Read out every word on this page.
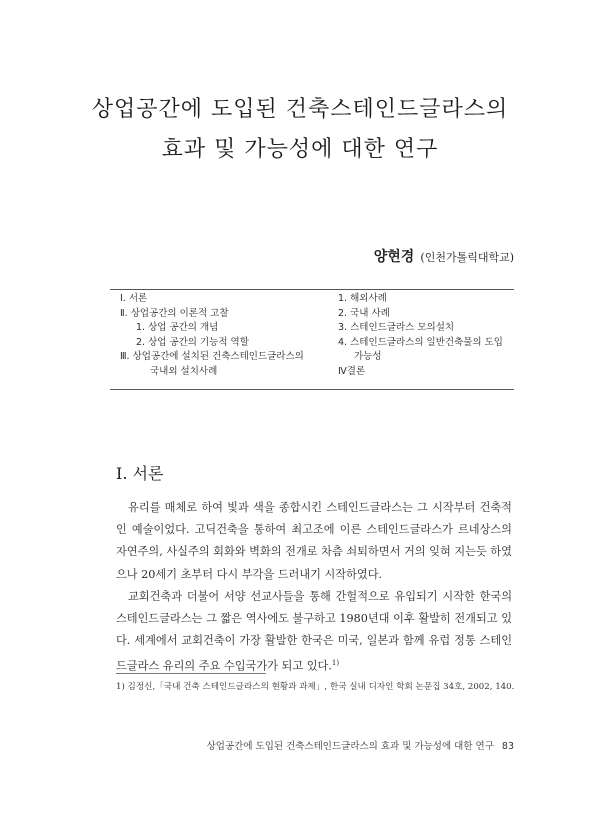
상업공간에 도입된 건축스테인드글라스의
효과 및 가능성에 대한 연구
양현경 (인천가톨릭대학교)
Ⅰ. 서론
Ⅱ. 상업공간의 이론적 고찰
1. 상업 공간의 개념
2. 상업 공간의 기능적 역할
Ⅲ. 상업공간에 설치된 건축스테인드글라스의
국내외 설치사례
1. 해외사례
2. 국내 사례
3. 스테인드글라스 모의설치
4. 스테인드글라스의 일반건축물의 도입
가능성
Ⅳ결론
Ⅰ. 서론

유리를 매체로 하여 빛과 색을 종합시킨 스테인드글라스는 그 시작부터 건축적인 예술이었다. 고딕건축을 통하여 최고조에 이른 스테인드글라스가 르네상스의 자연주의, 사실주의 회화와 벽화의 전개로 차츰 쇠퇴하면서 거의 잊혀 지는듯 하였으나 20세기 초부터 다시 부각을 드러내기 시작하였다.

교회건축과 더불어 서양 선교사들을 통해 간헐적으로 유입되기 시작한 한국의 스테인드글라스는 그 짧은 역사에도 불구하고 1980년대 이후 활발히 전개되고 있다. 세계에서 교회건축이 가장 활발한 한국은 미국, 일본과 함께 유럽 정통 스테인드글라스 유리의 주요 수입국가가 되고 있다.$^{1)}$

1) 김정신,「국내 건축 스테인드글라스의 현황과 과제」, 한국 실내 디자인 학회 논문집 34호, 2002, 140.
상업공간에 도입된 건축스테인드글라스의 효과 및 가능성에 대한 연구 83
